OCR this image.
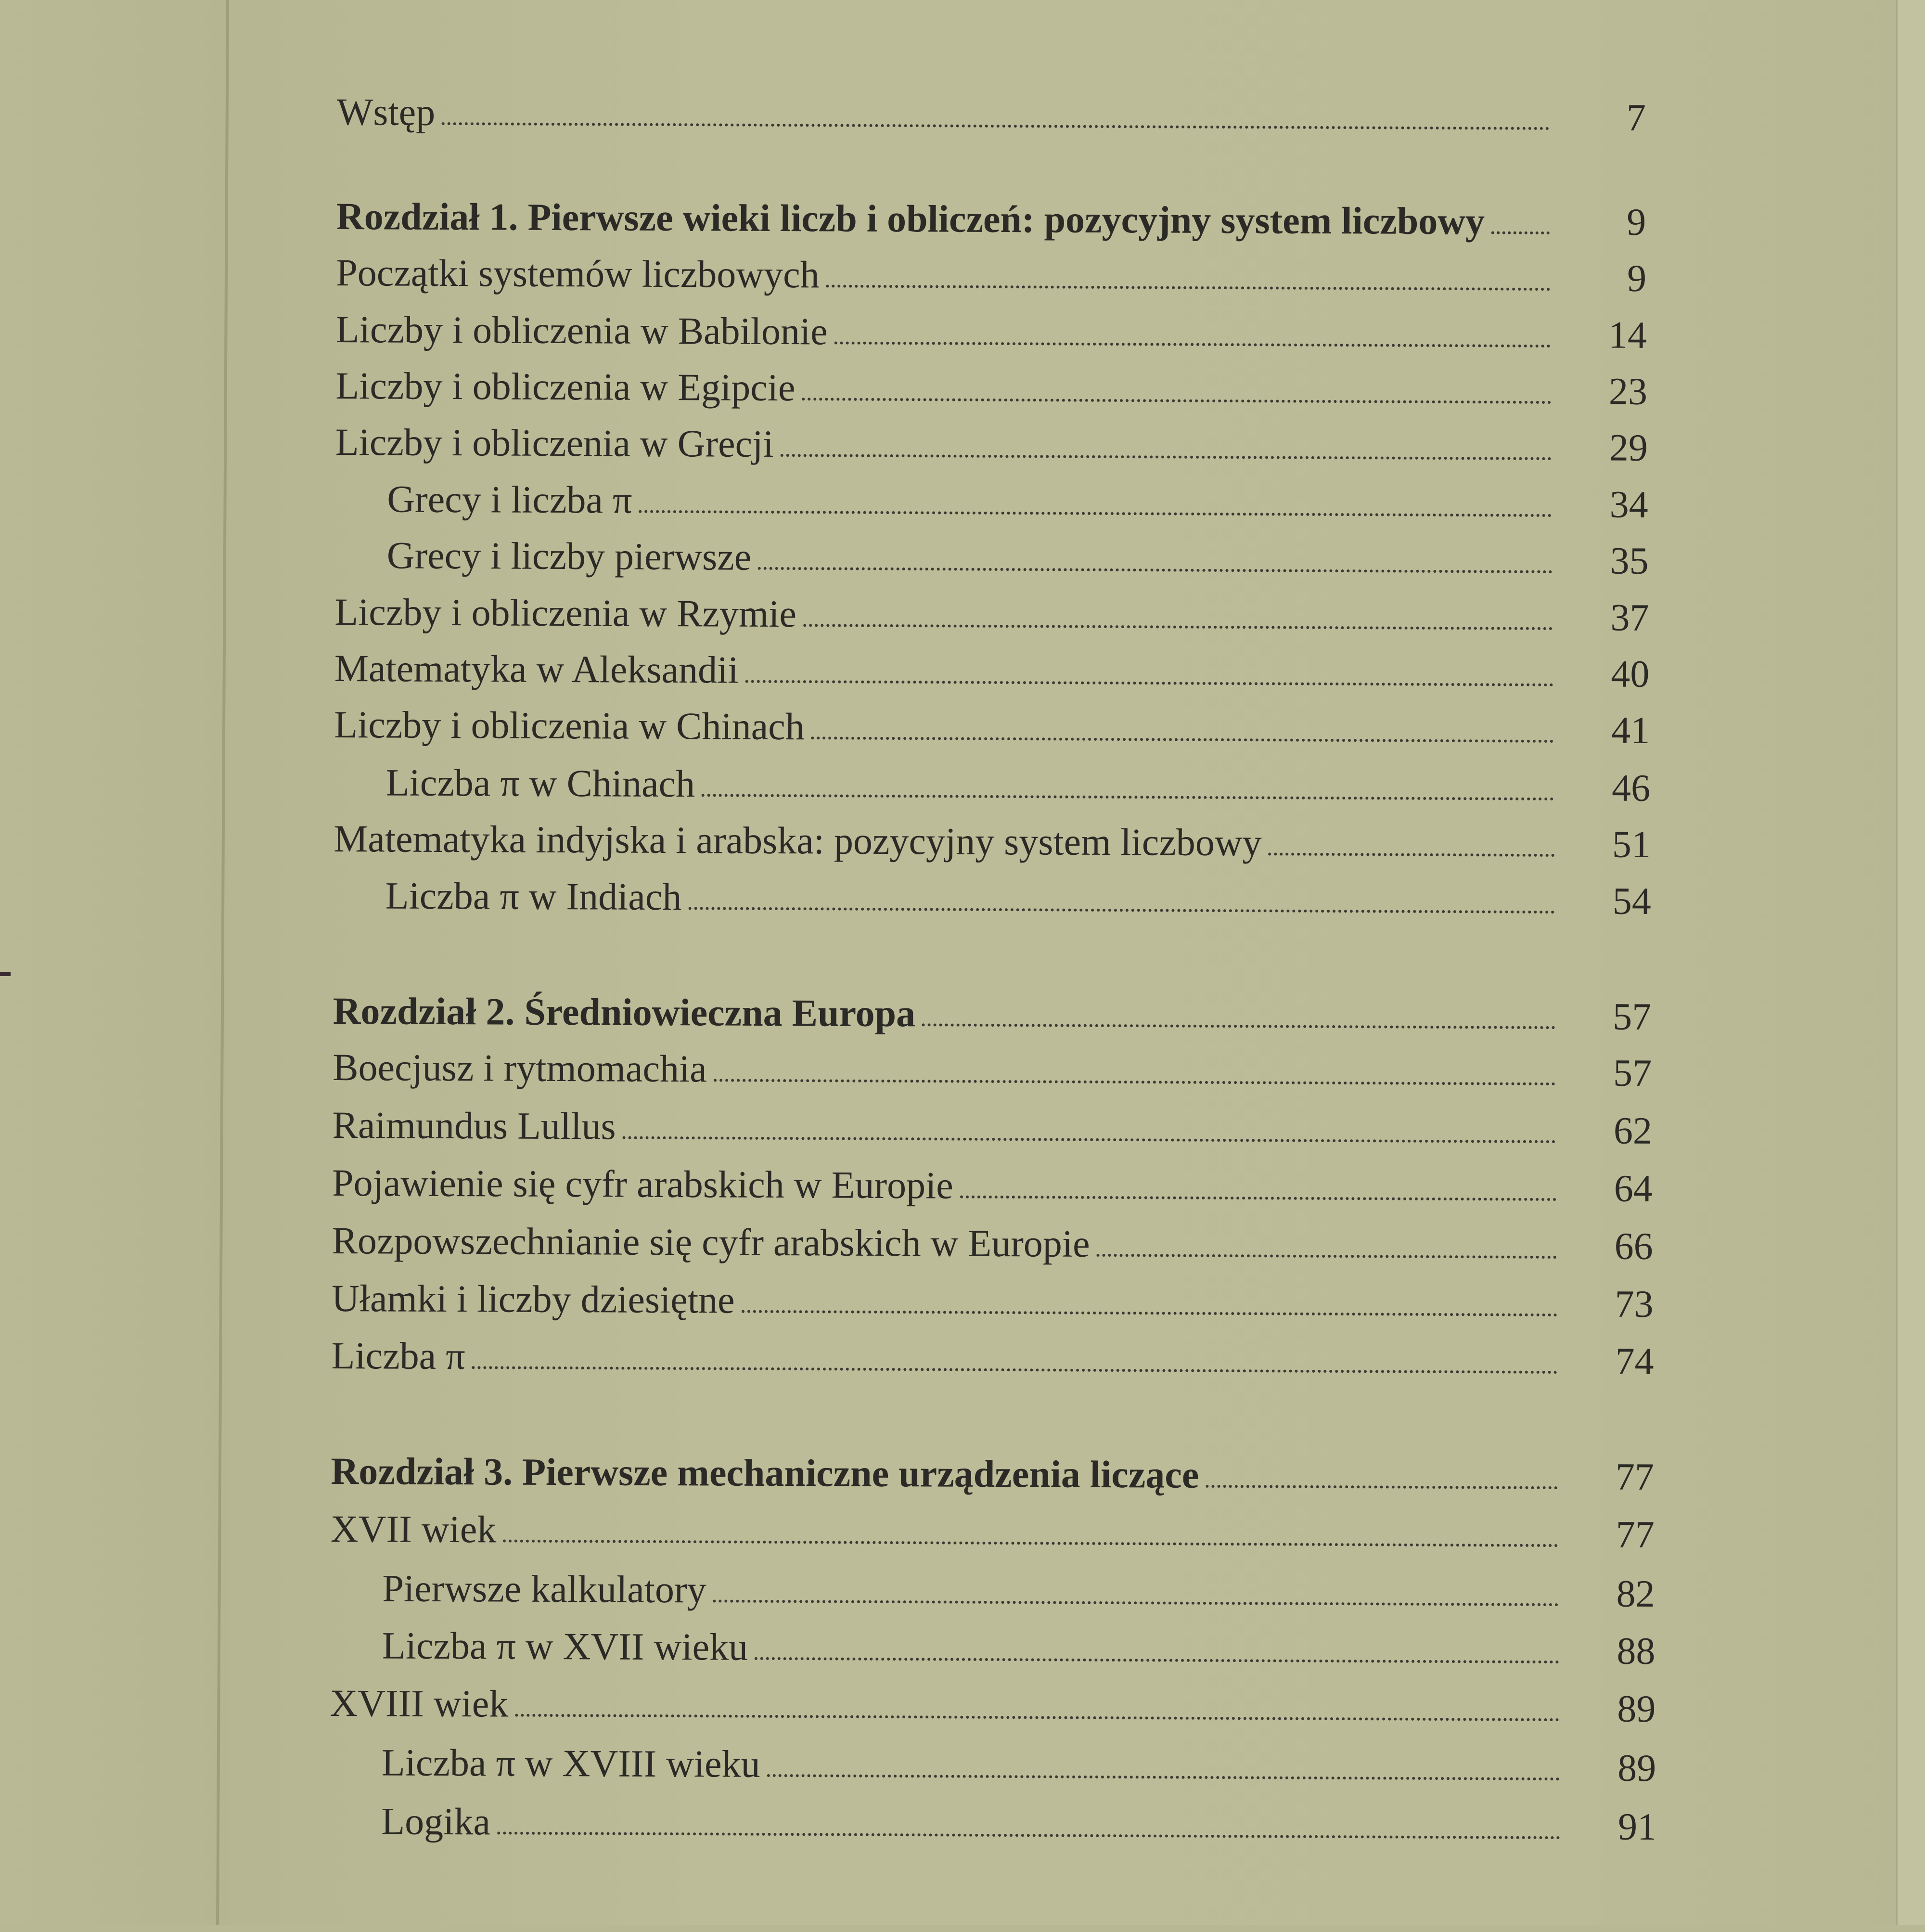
Wstęp	7
Rozdział 1. Pierwsze wieki liczb i obliczeń: pozycyjny system liczbowy	9
Początki systemów liczbowych	9
Liczby i obliczenia w Babilonie	14
Liczby i obliczenia w Egipcie	23
Liczby i obliczenia w Grecji	29
Grecy i liczba π	34
Grecy i liczby pierwsze	35
Liczby i obliczenia w Rzymie	37
Matematyka w Aleksandii	40
Liczby i obliczenia w Chinach	41
Liczba π w Chinach	46
Matematyka indyjska i arabska: pozycyjny system liczbowy	51
Liczba π w Indiach	54
Rozdział 2. Średniowieczna Europa	57
Boecjusz i rytmomachia	57
Raimundus Lullus	62
Pojawienie się cyfr arabskich w Europie	64
Rozpowszechnianie się cyfr arabskich w Europie	66
Ułamki i liczby dziesiętne	73
Liczba π	74
Rozdział 3. Pierwsze mechaniczne urządzenia liczące	77
XVII wiek	77
Pierwsze kalkulatory	82
Liczba π w XVII wieku	88
XVIII wiek	89
Liczba π w XVIII wieku	89
Logika	91
